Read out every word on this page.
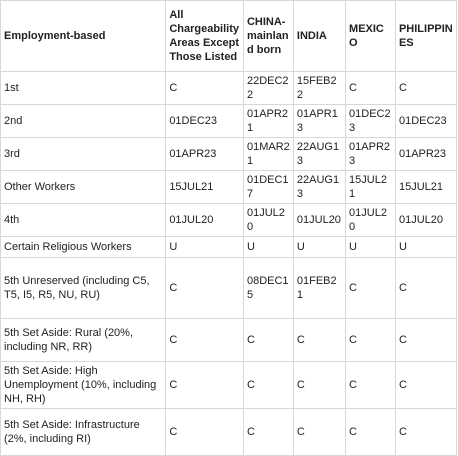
Employment-based	All Chargeability Areas Except Those Listed	CHINA-mainland born	INDIA	MEXICO	PHILIPPINES
1st	C	22DEC22	15FEB22	C	C
2nd	01DEC23	01APR21	01APR13	01DEC23	01DEC23
3rd	01APR23	01MAR21	22AUG13	01APR23	01APR23
Other Workers	15JUL21	01DEC17	22AUG13	15JUL21	15JUL21
4th	01JUL20	01JUL20	01JUL20	01JUL20	01JUL20
Certain Religious Workers	U	U	U	U	U
5th Unreserved (including C5, T5, I5, R5, NU, RU)	C	08DEC15	01FEB21	C	C
5th Set Aside: Rural (20%, including NR, RR)	C	C	C	C	C
5th Set Aside: High Unemployment (10%, including NH, RH)	C	C	C	C	C
5th Set Aside: Infrastructure (2%, including RI)	C	C	C	C	C
